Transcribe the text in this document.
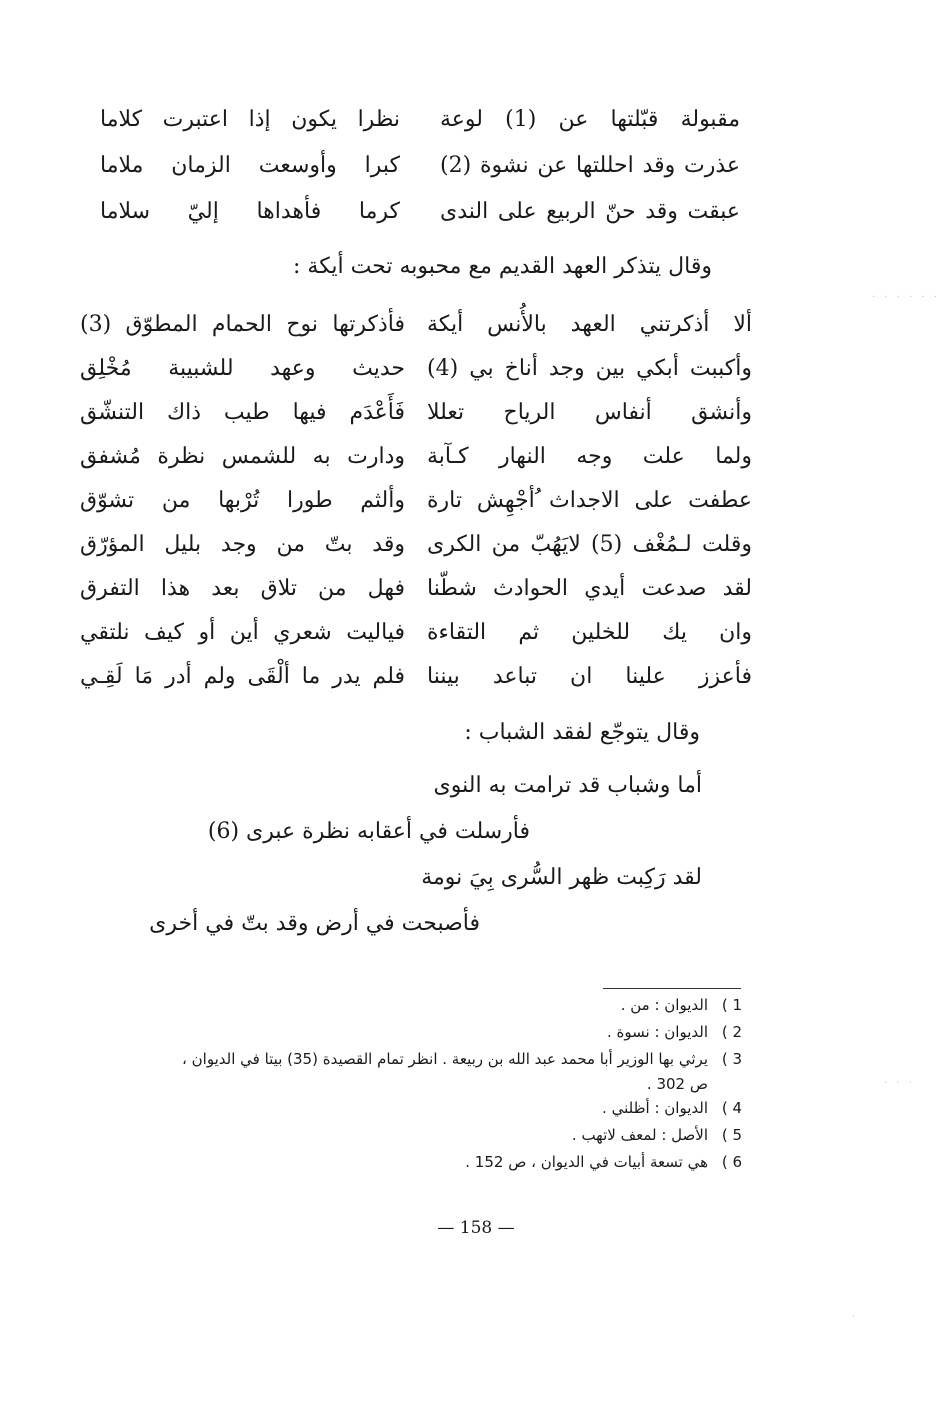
مقبولة قبّلتها عن (1) لوعة
نظرا يكون إذا اعتبرت كلاما
عذرت وقد احللتها عن نشوة (2)
كبرا وأوسعت الزمان ملاما
عبقت وقد حنّ الربيع على الندى
كرما فأهداها إليّ سلاما
وقال يتذكر العهد القديم مع محبوبه تحت أيكة :
ألا أذكرتني العهد بالأُنس أيكة
فأذكرتها نوح الحمام المطوّق (3)
وأكببت أبكي بين وجد أناخ بي (4)
حديث وعهد للشبيبة مُخْلِق
وأنشق أنفاس الرياح تعللا
فَأَعْدَم فيها طيب ذاك التنشّق
ولما علت وجه النهار كـآبة
ودارت به للشمس نظرة مُشفق
عطفت على الاجداث ُأجْهِش تارة
وألثم طورا تُرْبها من تشوّق
وقلت لـمُغْف (5) لايَهُبّ من الكرى
وقد بتّ من وجد بليل المؤرّق
لقد صدعت أيدي الحوادث شطّنا
فهل من تلاق بعد هذا التفرق
وان يك للخلين ثم التقاءة
فياليت شعري أين أو كيف نلتقي
فأعزز علينا ان تباعد بيننا
فلم يدر ما ألْقَى ولم أدر مَا لَقِـي
وقال يتوجّع لفقد الشباب :
أما وشباب قد ترامت به النوى
فأرسلت في أعقابه نظرة عبرى (6)
لقد رَكِبت ظهر السُّرى بِيَ نومة
فأصبحت في أرض وقد بتّ في أخرى
1 )الديوان : من .
2 )الديوان : نسوة .
3 )يرثي بها الوزير أبا محمد عبد الله بن ربيعة . انظر تمام القصيدة (35) بيتا في الديوان ،
ص 302 .
4 )الديوان : أظلني .
5 )الأصل : لمعف لاتهب .
6 )هي تسعة أبيات في الديوان ، ص 152 .
— 158 —
· · · · · ·
· · ·
·
